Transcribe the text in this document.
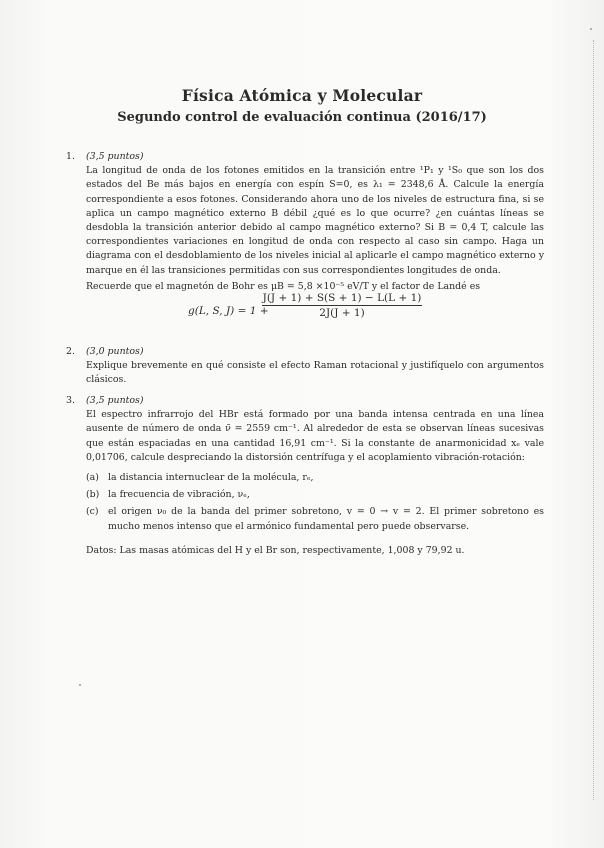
Física Atómica y Molecular
Segundo control de evaluación continua (2016/17)
1. (3,5 puntos)
La longitud de onda de los fotones emitidos en la transición entre ¹P₁ y ¹S₀ que son los dos estados del Be más bajos en energía con espín S=0, es λ₁ = 2348,6 Å. Calcule la energía correspondiente a esos fotones. Considerando ahora uno de los niveles de estructura fina, si se aplica un campo magnético externo B débil ¿qué es lo que ocurre? ¿en cuántas líneas se desdobla la transición anterior debido al campo magnético externo? Si B = 0,4 T, calcule las correspondientes variaciones en longitud de onda con respecto al caso sin campo. Haga un diagrama con el desdoblamiento de los niveles inicial al aplicarle el campo magnético externo y marque en él las transiciones permitidas con sus correspondientes longitudes de onda.
Recuerde que el magnetón de Bohr es μB = 5,8 ×10⁻⁵ eV/T y el factor de Landé es
g(L, S, J) = 1 +
$\frac{J(J + 1) + S(S + 1) - L(L + 1)}{2J(J + 1)}$
2. (3,0 puntos)
Explique brevemente en qué consiste el efecto Raman rotacional y justifíquelo con argumentos clásicos.
3. (3,5 puntos)
El espectro infrarrojo del HBr está formado por una banda intensa centrada en una línea ausente de número de onda ν̃ = 2559 cm⁻¹. Al alrededor de esta se observan líneas sucesivas que están espaciadas en una cantidad 16,91 cm⁻¹. Si la constante de anarmonicidad xₑ vale 0,01706, calcule despreciando la distorsión centrífuga y el acoplamiento vibración-rotación:
(a) la distancia internuclear de la molécula, rₑ,
(b) la frecuencia de vibración, νₑ,
(c) el origen ν₀ de la banda del primer sobretono, v = 0 → v = 2. El primer sobretono es mucho menos intenso que el armónico fundamental pero puede observarse.
Datos: Las masas atómicas del H y el Br son, respectivamente, 1,008 y 79,92 u.
